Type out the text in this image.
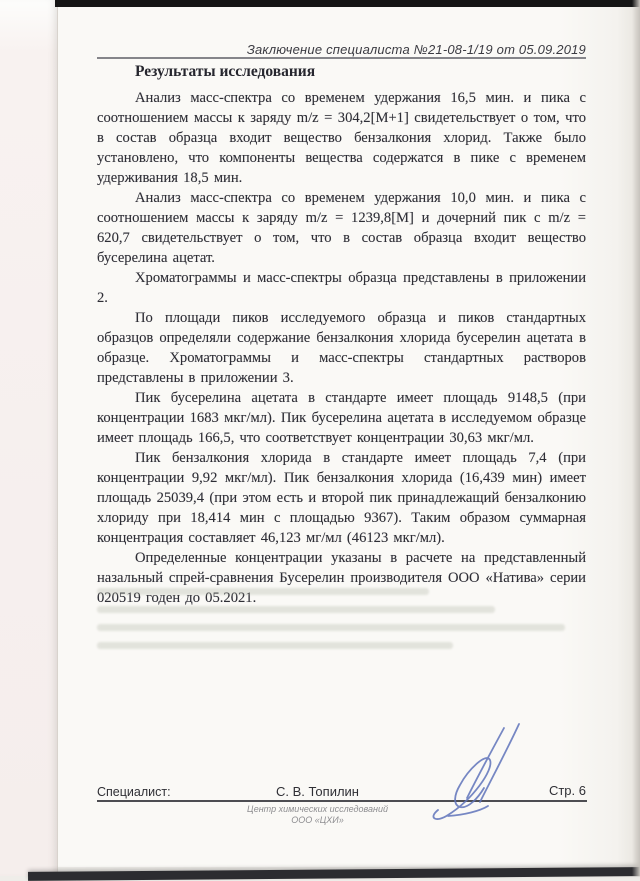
Заключение специалиста №21-08-1/19 от 05.09.2019
Результаты исследования

Анализ масс-спектра со временем удержания 16,5 мин. и пика с соотношением массы к заряду m/z = 304,2[М+1] свидетельствует о том, что в состав образца входит вещество бензалкония хлорид. Также было установлено, что компоненты вещества содержатся в пике с временем удерживания 18,5 мин.

Анализ масс-спектра со временем удержания 10,0 мин. и пика с соотношением массы к заряду m/z = 1239,8[М] и дочерний пик с m/z = 620,7 свидетельствует о том, что в состав образца входит вещество бусерелина ацетат.

Хроматограммы и масс-спектры образца представлены в приложении 2.

По площади пиков исследуемого образца и пиков стандартных образцов определяли содержание бензалкония хлорида бусерелин ацетата в образце. Хроматограммы и масс-спектры стандартных растворов представлены в приложении 3.

Пик бусерелина ацетата в стандарте имеет площадь 9148,5 (при концентрации 1683 мкг/мл). Пик бусерелина ацетата в исследуемом образце имеет площадь 166,5, что соответствует концентрации 30,63 мкг/мл.

Пик бензалкония хлорида в стандарте имеет площадь 7,4 (при концентрации 9,92 мкг/мл). Пик бензалкония хлорида (16,439 мин) имеет площадь 25039,4 (при этом есть и второй пик принадлежащий бензалконию хлориду при 18,414 мин с площадью 9367). Таким образом суммарная концентрация составляет 46,123 мг/мл (46123 мкг/мл).

Определенные концентрации указаны в расчете на представленный назальный спрей-сравнения Бусерелин производителя ООО «Натива» серии 020519 годен до 05.2021.

Специалист:	С. В. Топилин	Стр. 6
Центр химических исследований
ООО «ЦХИ»
